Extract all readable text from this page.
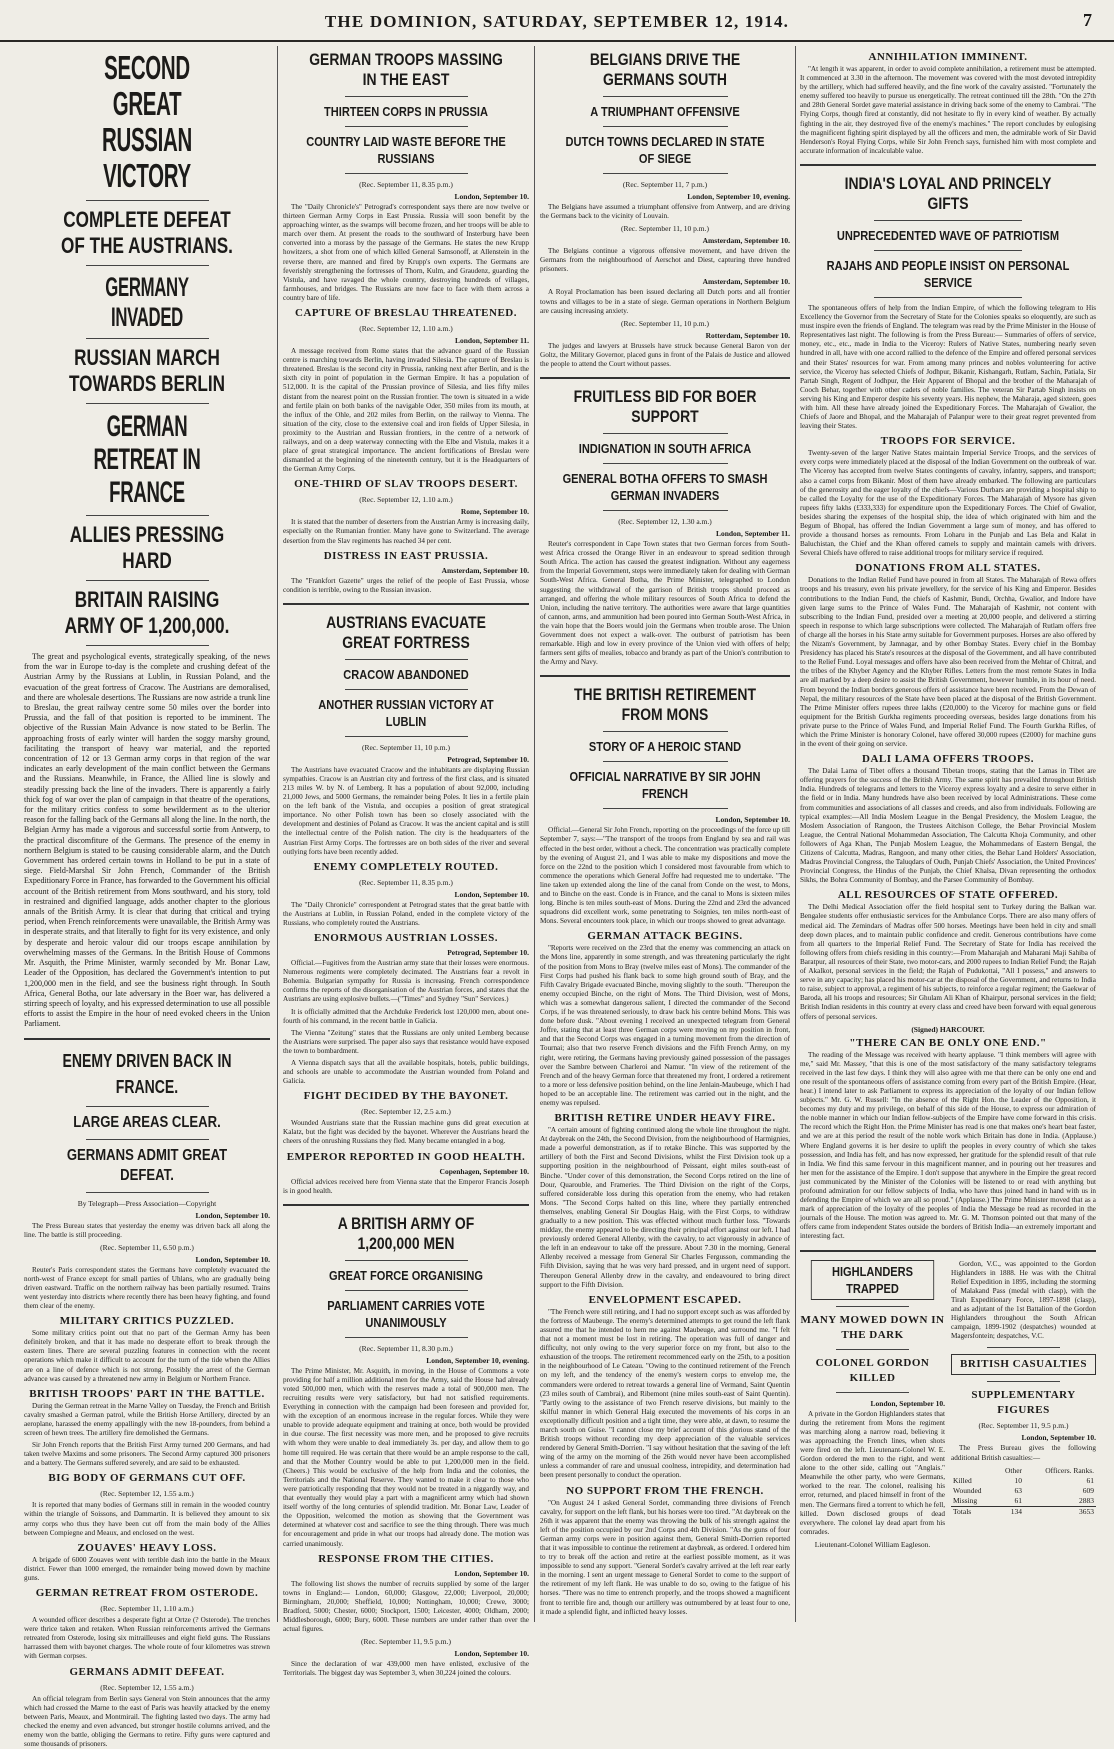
THE DOMINION, SATURDAY, SEPTEMBER 12, 1914.	7
SECOND GREAT RUSSIAN VICTORY
COMPLETE DEFEAT OF THE AUSTRIANS.
GERMANY INVADED
RUSSIAN MARCH TOWARDS BERLIN
GERMAN RETREAT IN FRANCE
ALLIES PRESSING HARD
BRITAIN RAISING ARMY OF 1,200,000.

The great and psychological events, strategically speaking, of the news from the war in Europe to-day is the complete and crushing defeat of the Austrian Army by the Russians at Lublin, in Russian Poland, and the evacuation of the great fortress of Cracow. The Austrians are demoralised, and there are wholesale desertions. The Russians are now astride a trunk line to Breslau, the great railway centre some 50 miles over the border into Prussia, and the fall of that position is reported to be imminent. The objective of the Russian Main Advance is now stated to be Berlin. The approaching frosts of early winter will harden the soggy marshy ground, facilitating the transport of heavy war material, and the reported concentration of 12 or 13 German army corps in that region of the war indicates an early development of the main conflict between the Germans and the Russians. Meanwhile, in France, the Allied line is slowly and steadily pressing back the line of the invaders. There is apparently a fairly thick fog of war over the plan of campaign in that theatre of the operations, for the military critics confess to some bewilderment as to the ulterior reason for the falling back of the Germans all along the line. In the north, the Belgian Army has made a vigorous and successful sortie from Antwerp, to the practical discomfiture of the Germans. The presence of the enemy in northern Belgium is stated to be causing considerable alarm, and the Dutch Government has ordered certain towns in Holland to be put in a state of siege. Field-Marshal Sir John French, Commander of the British Expeditionary Force in France, has forwarded to the Government his official account of the British retirement from Mons southward, and his story, told in restrained and dignified language, adds another chapter to the glorious annals of the British Army. It is clear that during that critical and trying period, when French reinforcements were unavailable, the British Army was in desperate straits, and that literally to fight for its very existence, and only by desperate and heroic valour did our troops escape annihilation by overwhelming masses of the Germans. In the British House of Commons Mr. Asquith, the Prime Minister, warmly seconded by Mr. Bonar Law, Leader of the Opposition, has declared the Government's intention to put 1,200,000 men in the field, and see the business right through. In South Africa, General Botha, our late adversary in the Boer war, has delivered a stirring speech of loyalty, and his expressed determination to use all possible efforts to assist the Empire in the hour of need evoked cheers in the Union Parliament.

ENEMY DRIVEN BACK IN FRANCE.
LARGE AREAS CLEAR.
GERMANS ADMIT GREAT DEFEAT.
By Telegraph—Press Association—Copyright
London, September 10.

The Press Bureau states that yesterday the enemy was driven back all along the line. The battle is still proceeding.

(Rec. September 11, 6.50 p.m.)
London, September 10.

Reuter's Paris correspondent states the Germans have completely evacuated the north-west of France except for small parties of Uhlans, who are gradually being driven eastward. Traffic on the northern railway has been partially resumed. Trains went yesterday into districts where recently there has been heavy fighting, and found them clear of the enemy.

MILITARY CRITICS PUZZLED.

Some military critics point out that no part of the German Army has been definitely broken, and that it has made no desperate effort to break through the eastern lines. There are several puzzling features in connection with the recent operations which make it difficult to account for the turn of the tide when the Allies are on a line of defence which is not strong. Possibly the arrest of the German advance was caused by a threatened new army in Belgium or Northern France.

BRITISH TROOPS' PART IN THE BATTLE.

During the German retreat in the Marne Valley on Tuesday, the French and British cavalry smashed a German patrol, while the British Horse Artillery, directed by an aeroplane, harassed the enemy appallingly with the new 18-pounders, from behind a screen of hewn trees. The artillery fire demolished the Germans.

Sir John French reports that the British First Army turned 200 Germans, and had taken twelve Maxims and some prisoners. The Second Army captured 300 prisoners and a battery. The Germans suffered severely, and are said to be exhausted.

BIG BODY OF GERMANS CUT OFF.
(Rec. September 12, 1.55 a.m.)

It is reported that many bodies of Germans still in remain in the wooded country within the triangle of Soissons, and Dammartin. It is believed they amount to six army corps who thus they have been cut off from the main body of the Allies between Compiegne and Meaux, and enclosed on the west.

ZOUAVES' HEAVY LOSS.

A brigade of 6000 Zouaves went with terrible dash into the battle in the Meaux district. Fewer than 1000 emerged, the remainder being mowed down by machine guns.

GERMAN RETREAT FROM OSTERODE.
(Rec. September 11, 1.10 a.m.)

A wounded officer describes a desperate fight at Ortze (? Osterode). The trenches were thrice taken and retaken. When Russian reinforcements arrived the Germans retreated from Osterode, losing six mitrailleuses and eight field guns. The Russians harrassed them with bayonet charges. The whole route of four kilometres was strewn with German corpses.

GERMANS ADMIT DEFEAT.
(Rec. September 12, 1.55 a.m.)

An official telegram from Berlin says General von Stein announces that the army which had crossed the Marne to the east of Paris was heavily attacked by the enemy between Paris, Meaux, and Montmirail. The fighting lasted two days. The army had checked the enemy and even advanced, but stronger hostile columns arrived, and the enemy won the battle, obliging the Germans to retire. Fifty guns were captured and some thousands of prisoners.

GERMAN TROOPS MASSING IN THE EAST
THIRTEEN CORPS IN PRUSSIA
COUNTRY LAID WASTE BEFORE THE RUSSIANS
(Rec. September 11, 8.35 p.m.)
London, September 10.

The "Daily Chronicle's" Petrograd's correspondent says there are now twelve or thirteen German Army Corps in East Prussia. Russia will soon benefit by the approaching winter, as the swamps will become frozen, and her troops will be able to march over them. At present the roads to the southward of Insterburg have been converted into a morass by the passage of the Germans. He states the new Krupp howitzers, a shot from one of which killed General Samsonoff, at Allenstein in the reverse there, are manned and fired by Krupp's own experts. The Germans are feverishly strengthening the fortresses of Thorn, Kulm, and Graudenz, guarding the Vistula, and have ravaged the whole country, destroying hundreds of villages, farmhouses, and bridges. The Russians are now face to face with them across a country bare of life.

CAPTURE OF BRESLAU THREATENED.
(Rec. September 12, 1.10 a.m.)
London, September 11.

A message received from Rome states that the advance guard of the Russian centre is marching towards Berlin, having invaded Silesia. The capture of Breslau is threatened. Breslau is the second city in Prussia, ranking next after Berlin, and is the sixth city in point of population in the German Empire. It has a population of 512,000. It is the capital of the Prussian province of Silesia, and lies fifty miles distant from the nearest point on the Russian frontier. The town is situated in a wide and fertile plain on both banks of the navigable Oder, 350 miles from its mouth, at the influx of the Ohle, and 202 miles from Berlin, on the railway to Vienna. The situation of the city, close to the extensive coal and iron fields of Upper Silesia, in proximity to the Austrian and Russian frontiers, in the centre of a network of railways, and on a deep waterway connecting with the Elbe and Vistula, makes it a place of great strategical importance. The ancient fortifications of Breslau were dismantled at the beginning of the nineteenth century, but it is the Headquarters of the German Army Corps.

ONE-THIRD OF SLAV TROOPS DESERT.
(Rec. September 12, 1.10 a.m.)
Rome, September 10.

It is stated that the number of deserters from the Austrian Army is increasing daily, especially on the Rumanian frontier. Many have gone to Switzerland. The average desertion from the Slav regiments has reached 34 per cent.

DISTRESS IN EAST PRUSSIA.
Amsterdam, September 10.

The "Frankfort Gazette" urges the relief of the people of East Prussia, whose condition is terrible, owing to the Russian invasion.

AUSTRIANS EVACUATE GREAT FORTRESS
CRACOW ABANDONED
ANOTHER RUSSIAN VICTORY AT LUBLIN
(Rec. September 11, 10 p.m.)
Petrograd, September 10.

The Austrians have evacuated Cracow and the inhabitants are displaying Russian sympathies. Cracow is an Austrian city and fortress of the first class, and is situated 213 miles W. by N. of Lemberg. It has a population of about 92,000, including 21,000 Jews, and 5000 Germans, the remainder being Poles. It lies in a fertile plain on the left bank of the Vistula, and occupies a position of great strategical importance. No other Polish town has been so closely associated with the development and destinies of Poland as Cracow. It was the ancient capital and is still the intellectual centre of the Polish nation. The city is the headquarters of the Austrian First Army Corps. The fortresses are on both sides of the river and several outlying forts have been recently added.

ENEMY COMPLETELY ROUTED.
(Rec. September 11, 8.35 p.m.)
London, September 10.

The "Daily Chronicle" correspondent at Petrograd states that the great battle with the Austrians at Lublin, in Russian Poland, ended in the complete victory of the Russians, who completely routed the Austrians.

ENORMOUS AUSTRIAN LOSSES.
Petrograd, September 10.

Official.—Fugitives from the Austrian army state that their losses were enormous. Numerous regiments were completely decimated. The Austrians fear a revolt in Bohemia. Bulgarian sympathy for Russia is increasing. French correspondence confirms the reports of the disorganisation of the Austrian forces, and states that the Austrians are using explosive bullets.—("Times" and Sydney "Sun" Services.)

It is officially admitted that the Archduke Frederick lost 120,000 men, about one-fourth of his command, in the recent battle in Galicia.

The Vienna "Zeitung" states that the Russians are only united Lemberg because the Austrians were surprised. The paper also says that resistance would have exposed the town to bombardment.

A Vienna dispatch says that all the available hospitals, hotels, public buildings, and schools are unable to accommodate the Austrian wounded from Poland and Galicia.

FIGHT DECIDED BY THE BAYONET.
(Rec. September 12, 2.5 a.m.)

Wounded Austrians state that the Russian machine guns did great execution at Kalatz, but the fight was decided by the bayonet. Wherever the Austrians heard the cheers of the onrushing Russians they fled. Many became entangled in a bog.

EMPEROR REPORTED IN GOOD HEALTH.
Copenhagen, September 10.

Official advices received here from Vienna state that the Emperor Francis Joseph is in good health.

A BRITISH ARMY OF 1,200,000 MEN
GREAT FORCE ORGANISING
PARLIAMENT CARRIES VOTE UNANIMOUSLY
(Rec. September 11, 8.30 p.m.)
London, September 10, evening.

The Prime Minister, Mr. Asquith, in moving, in the House of Commons a vote providing for half a million additional men for the Army, said the House had already voted 500,000 men, which with the reserves made a total of 900,000 men. The recruiting results were very satisfactory, but had not satisfied requirements. Everything in connection with the campaign had been foreseen and provided for, with the exception of an enormous increase in the regular forces. While they were unable to provide adequate equipment and training at once, both would be provided in due course. The first necessity was more men, and he proposed to give recruits with whom they were unable to deal immediately 3s. per day, and allow them to go home till required. He was certain that there would be an ample response to the call, and that the Mother Country would be able to put 1,200,000 men in the field. (Cheers.) This would be exclusive of the help from India and the colonies, the Territorials and the National Reserve. They wanted to make it clear to those who were patriotically responding that they would not be treated in a niggardly way, and that eventually they would play a part with a magnificent army which had shown itself worthy of the long centuries of splendid tradition. Mr. Bonar Law, Leader of the Opposition, welcomed the motion as showing that the Government was determined at whatever cost and sacrifice to see the thing through. There was much for encouragement and pride in what our troops had already done. The motion was carried unanimously.

RESPONSE FROM THE CITIES.
London, September 10.

The following list shows the number of recruits supplied by some of the larger towns in England:— London, 60,000; Glasgow, 22,000; Liverpool, 20,000; Birmingham, 20,000; Sheffield, 10,000; Nottingham, 10,000; Crewe, 3000; Bradford, 5000; Chester, 6000; Stockport, 1500; Leicester, 4000; Oldham, 2000; Middlesborough, 6000; Bury, 6000. These numbers are under rather than over the actual figures.

(Rec. September 11, 9.5 p.m.)
London, September 10.

Since the declaration of war 439,000 men have enlisted, exclusive of the Territorials. The biggest day was September 3, when 30,224 joined the colours.

BELGIANS DRIVE THE GERMANS SOUTH
A TRIUMPHANT OFFENSIVE
DUTCH TOWNS DECLARED IN STATE OF SIEGE
(Rec. September 11, 7 p.m.)
London, September 10, evening.

The Belgians have assumed a triumphant offensive from Antwerp, and are driving the Germans back to the vicinity of Louvain.

(Rec. September 11, 10 p.m.)
Amsterdam, September 10.

The Belgians continue a vigorous offensive movement, and have driven the Germans from the neighbourhood of Aerschot and Diest, capturing three hundred prisoners.

Amsterdam, September 10.

A Royal Proclamation has been issued declaring all Dutch ports and all frontier towns and villages to be in a state of siege. German operations in Northern Belgium are causing increasing anxiety.

(Rec. September 11, 10 p.m.)
Rotterdam, September 10.

The judges and lawyers at Brussels have struck because General Baron von der Goltz, the Military Governor, placed guns in front of the Palais de Justice and allowed the people to attend the Court without passes.

FRUITLESS BID FOR BOER SUPPORT
INDIGNATION IN SOUTH AFRICA
GENERAL BOTHA OFFERS TO SMASH GERMAN INVADERS
(Rec. September 12, 1.30 a.m.)
London, September 11.

Reuter's correspondent in Cape Town states that two German forces from South-west Africa crossed the Orange River in an endeavour to spread sedition through South Africa. The action has caused the greatest indignation. Without any eagerness from the Imperial Government, steps were immediately taken for dealing with German South-West Africa. General Botha, the Prime Minister, telegraphed to London suggesting the withdrawal of the garrison of British troops should proceed as arranged, and offering the whole military resources of South Africa to defend the Union, including the native territory. The authorities were aware that large quantities of cannon, arms, and ammunition had been poured into German South-West Africa, in the vain hope that the Boers would join the Germans when trouble arose. The Union Government does not expect a walk-over. The outburst of patriotism has been remarkable. High and low in every province of the Union vied with offers of help; farmers sent gifts of mealies, tobacco and brandy as part of the Union's contribution to the Army and Navy.

THE BRITISH RETIREMENT FROM MONS
STORY OF A HEROIC STAND
OFFICIAL NARRATIVE BY SIR JOHN FRENCH
London, September 10.

Official.—General Sir John French, reporting on the proceedings of the force up till September 7, says:—"The transport of the troops from England by sea and rail was effected in the best order, without a check. The concentration was practically complete by the evening of August 21, and I was able to make my dispositions and move the force on the 22nd to the position which I considered most favourable from which to commence the operations which General Joffre had requested me to undertake. "The line taken up extended along the line of the canal from Conde on the west, to Mons, and to Binche on the east. Conde is in France, and the canal to Mons is sixteen miles long. Binche is ten miles south-east of Mons. During the 22nd and 23rd the advanced squadrons did excellent work, some penetrating to Soignies, ten miles north-east of Mons. Several encounters took place, in which our troops showed to great advantage.

GERMAN ATTACK BEGINS.

"Reports were received on the 23rd that the enemy was commencing an attack on the Mons line, apparently in some strength, and was threatening particularly the right of the position from Mons to Bray (twelve miles east of Mons). The commander of the First Corps had pushed his flank back to some high ground south of Bray, and the Fifth Cavalry Brigade evacuated Binche, moving slightly to the south. "Thereupon the enemy occupied Binche, on the right of Mons. The Third Division, west of Mons, which was a somewhat dangerous salient, I directed the commander of the Second Corps, if he was threatened seriously, to draw back his centre behind Mons. This was done before dusk. "About evening I received an unexpected telegram from General Joffre, stating that at least three German corps were moving on my position in front, and that the Second Corps was engaged in a turning movement from the direction of Tournai; also that two reserve French divisions and the Fifth French Army, on my right, were retiring, the Germans having previously gained possession of the passages over the Sambre between Charleroi and Namur. "In view of the retirement of the French and of the heavy German force that threatened my front, I ordered a retirement to a more or less defensive position behind, on the line Jenlain-Maubeuge, which I had hoped to be an acceptable line. The retirement was carried out in the night, and the enemy was repulsed.

BRITISH RETIRE UNDER HEAVY FIRE.

"A certain amount of fighting continued along the whole line throughout the night. At daybreak on the 24th, the Second Division, from the neighbourhood of Harmignies, made a powerful demonstration, as if to retake Binche. This was supported by the artillery of both the First and Second Divisions, whilst the First Division took up a supporting position in the neighbourhood of Peissant, eight miles south-east of Binche. "Under cover of this demonstration, the Second Corps retired on the line of Dour, Quarouble, and Frameries. The Third Division on the right of the Corps, suffered considerable loss during this operation from the enemy, who had retaken Mons. "The Second Corps halted on this line, where they partially entrenched themselves, enabling General Sir Douglas Haig, with the First Corps, to withdraw gradually to a new position. This was effected without much further loss. "Towards midday, the enemy appeared to be directing their principal effort against our left. I had previously ordered General Allenby, with the cavalry, to act vigorously in advance of the left in an endeavour to take off the pressure. About 7.30 in the morning, General Allenby received a message from General Sir Charles Fergusson, commanding the Fifth Division, saying that he was very hard pressed, and in urgent need of support. Thereupon General Allenby drew in the cavalry, and endeavoured to bring direct support to the Fifth Division.

ENVELOPMENT ESCAPED.

"The French were still retiring, and I had no support except such as was afforded by the fortress of Maubeuge. The enemy's determined attempts to get round the left flank assured me that he intended to hem me against Maubeuge, and surround me. "I felt that not a moment must be lost in retiring. The operation was full of danger and difficulty, not only owing to the very superior force on my front, but also to the exhaustion of the troops. The retirement recommenced early on the 25th, to a position in the neighbourhood of Le Cateau. "Owing to the continued retirement of the French on my left, and the tendency of the enemy's western corps to envelop me, the commanders were ordered to retreat towards a general line of Vermand, Saint Quentin (23 miles south of Cambrai), and Ribemont (nine miles south-east of Saint Quentin). "Partly owing to the assistance of two French reserve divisions, but mainly to the skilful manner in which General Haig executed the movements of his corps in an exceptionally difficult position and a tight time, they were able, at dawn, to resume the march south on Guise. "I cannot close my brief account of this glorious stand of the British troops without recording my deep appreciation of the valuable services rendered by General Smith-Dorrien. "I say without hesitation that the saving of the left wing of the army on the morning of the 26th would never have been accomplished unless a commander of rare and unusual coolness, intrepidity, and determination had been present personally to conduct the operation.

NO SUPPORT FROM THE FRENCH.

"On August 24 I asked General Sordet, commanding three divisions of French cavalry, for support on the left flank, but his horses were too tired. "At daybreak on the 26th it was apparent that the enemy was throwing the bulk of his strength against the left of the position occupied by our 2nd Corps and 4th Division. "As the guns of four German army corps were in position against them, General Smith-Dorrien reported that it was impossible to continue the retirement at daybreak, as ordered. I ordered him to try to break off the action and retire at the earliest possible moment, as it was impossible to send any support. "General Sordet's cavalry arrived at the left rear early in the morning. I sent an urgent message to General Sordet to come to the support of the retirement of my left flank. He was unable to do so, owing to the fatigue of his horses. "There was no time to entrench properly, and the troops showed a magnificent front to terrible fire and, though our artillery was outnumbered by at least four to one, it made a splendid fight, and inflicted heavy losses.

ANNIHILATION IMMINENT.

"At length it was apparent, in order to avoid complete annihilation, a retirement must be attempted. It commenced at 3.30 in the afternoon. The movement was covered with the most devoted intrepidity by the artillery, which had suffered heavily, and the fine work of the cavalry assisted. "Fortunately the enemy suffered too heavily to pursue us energetically. The retreat continued till the 28th. "On the 27th and 28th General Sordet gave material assistance in driving back some of the enemy to Cambrai. "The Flying Corps, though fired at constantly, did not hesitate to fly in every kind of weather. By actually fighting in the air, they destroyed five of the enemy's machines." The report concludes by eulogising the magnificent fighting spirit displayed by all the officers and men, the admirable work of Sir David Henderson's Royal Flying Corps, while Sir John French says, furnished him with most complete and accurate information of incalculable value.

INDIA'S LOYAL AND PRINCELY GIFTS
UNPRECEDENTED WAVE OF PATRIOTISM
RAJAHS AND PEOPLE INSIST ON PERSONAL SERVICE

The spontaneous offers of help from the Indian Empire, of which the following telegram to His Excellency the Governor from the Secretary of State for the Colonies speaks so eloquently, are such as must inspire even the friends of England. The telegram was read by the Prime Minister in the House of Representatives last night. The following is from the Press Bureau:— Summaries of offers of service, money, etc., etc., made in India to the Viceroy: Rulers of Native States, numbering nearly seven hundred in all, have with one accord rallied to the defence of the Empire and offered personal services and their States' resources for war. From among many princes and nobles volunteering for active service, the Viceroy has selected Chiefs of Jodhpur, Bikanir, Kishangarh, Rutlam, Sachin, Patiala, Sir Partab Singh, Regent of Jodhpur, the Heir Apparent of Bhopal and the brother of the Maharajah of Cooch Behar, together with other cadets of noble families. The veteran Sir Partab Singh insists on serving his King and Emperor despite his seventy years. His nephew, the Maharaja, aged sixteen, goes with him. All these have already joined the Expeditionary Forces. The Maharajah of Gwalior, the Chiefs of Jaore and Bhopal, and the Maharajah of Palanpur were to their great regret prevented from leaving their States.

TROOPS FOR SERVICE.

Twenty-seven of the larger Native States maintain Imperial Service Troops, and the services of every corps were immediately placed at the disposal of the Indian Government on the outbreak of war. The Viceroy has accepted from twelve States contingents of cavalry, infantry, sappers, and transport; also a camel corps from Bikanir. Most of them have already embarked. The following are particulars of the generosity and the eager loyalty of the chiefs—Various Durbars are providing a hospital ship to be called the Loyalty for the use of the Expeditionary Forces. The Maharajah of Mysore has given rupees fifty lakhs (£333,333) for expenditure upon the Expeditionary Forces. The Chief of Gwalior, besides sharing the expenses of the hospital ship, the idea of which originated with him and the Begum of Bhopal, has offered the Indian Government a large sum of money, and has offered to provide a thousand horses as remounts. From Loharu in the Punjab and Las Bela and Kalat in Baluchistan, the Chief and the Khan offered camels to supply and maintain camels with drivers. Several Chiefs have offered to raise additional troops for military service if required.

DONATIONS FROM ALL STATES.

Donations to the Indian Relief Fund have poured in from all States. The Maharajah of Rewa offers troops and his treasury, even his private jewellery, for the service of his King and Emperor. Besides contributions to the Indian Fund, the chiefs of Kashmir, Bundi, Orchha, Gwalior, and Indore have given large sums to the Prince of Wales Fund. The Maharajah of Kashmir, not content with subscribing to the Indian Fund, presided over a meeting at 20,000 people, and delivered a stirring speech in response to which large subscriptions were collected. The Maharajah of Rutlam offers free of charge all the horses in his State army suitable for Government purposes. Horses are also offered by the Nizam's Government, by Jamnagar, and by other Bombay States. Every chief in the Bombay Presidency has placed his State's resources at the disposal of the Government, and all have contributed to the Relief Fund. Loyal messages and offers have also been received from the Mehtar of Chitral, and the tribes of the Khyber Agency and the Khyber Rifles. Letters from the most remote States in India are all marked by a deep desire to assist the British Government, however humble, in its hour of need. From beyond the Indian borders generous offers of assistance have been received. From the Dewan of Nepal, the military resources of the State have been placed at the disposal of the British Government. The Prime Minister offers rupees three lakhs (£20,000) to the Viceroy for machine guns or field equipment for the British Gurkha regiments proceeding overseas, besides large donations from his private purse to the Prince of Wales Fund, and Imperial Relief Fund. The Fourth Gurkha Rifles, of which the Prime Minister is honorary Colonel, have offered 30,000 rupees (£2000) for machine guns in the event of their going on service.

DALI LAMA OFFERS TROOPS.

The Dalai Lama of Tibet offers a thousand Tibetan troops, stating that the Lamas in Tibet are offering prayers for the success of the British Army. The same spirit has prevailed throughout British India. Hundreds of telegrams and letters to the Viceroy express loyalty and a desire to serve either in the field or in India. Many hundreds have also been received by local Administrations. These come from communities and associations of all classes and creeds, and also from individuals. Following are typical examples:—All India Moslem League in the Bengal Presidency, the Moslem League, the Moslem Association of Rangoon, the Trustees Aitchison College, the Behar Provincial Moslem League, the Central National Mohammedan Association, The Calcutta Khoja Community, and other followers of Aga Khan, The Punjab Moslem League, the Mohammedans of Eastern Bengal, the Citizens of Calcutta, Madras, Rangoon, and many other cities, the Behar Land Holders' Association, Madras Provincial Congress, the Taluqdars of Oudh, Punjab Chiefs' Association, the United Provinces' Provincial Congress, the Hindus of the Punjab, the Chief Khalsa, Divan representing the orthodox Sikhs, the Bohra Community of Bombay, and the Parsee Community of Bombay.

ALL RESOURCES OF STATE OFFERED.

The Delhi Medical Association offer the field hospital sent to Turkey during the Balkan war. Bengalee students offer enthusiastic services for the Ambulance Corps. There are also many offers of medical aid. The Zemindars of Madras offer 500 horses. Meetings have been held in city and small deep down places, and to maintain public confidence and credit. Generous contributions have come from all quarters to the Imperial Relief Fund. The Secretary of State for India has received the following offers from chiefs residing in this country:—From Maharajah and Maharani Maji Sahiba of Baratpur, all resources of their State, two motor-cars, and 2000 rupees to Indian Relief Fund; the Rajah of Akalkot, personal services in the field; the Rajah of Pudukottai, "All I possess," and answers to serve in any capacity; has placed his motor-car at the disposal of the Government, and returns to India to raise, subject to approval, a regiment of his subjects, to reinforce a regular regiment; the Gaekwar of Baroda, all his troops and resources; Sir Ghulam Ali Khan of Khairpur, personal services in the field; British Indian residents in this country at every class and creed have been forward with equal generous offers of personal services.

(Signed) HARCOURT.
"THERE CAN BE ONLY ONE END."

The reading of the Message was received with hearty applause. "I think members will agree with me," said Mr. Massey, "that this is one of the most satisfactory of the many satisfactory telegrams received in the last few days. I think they will also agree with me that there can be only one end and one result of the spontaneous offers of assistance coming from every part of the British Empire. (Hear, hear.) I intend later to ask Parliament to express its appreciation of the loyalty of our Indian fellow subjects." Mr. G. W. Russell: "In the absence of the Right Hon. the Leader of the Opposition, it becomes my duty and my privilege, on behalf of this side of the House, to express our admiration of the noble manner in which our Indian fellow-subjects of the Empire have come forward in this crisis. The record which the Right Hon. the Prime Minister has read is one that makes one's heart beat faster, and we are at this period the result of the noble work which Britain has done in India. (Applause.) Where England governs it is her desire to uplift the peoples in every country of which she takes possession, and India has felt, and has now expressed, her gratitude for the splendid result of that rule in India. We find this same fervour in this magnificent manner, and in pouring out her treasures and her men for the assistance of the Empire. I don't suppose that anywhere in the Empire the great record just communicated by the Minister of the Colonies will be listened to or read with anything but profound admiration for our fellow subjects of India, who have thus joined hand in hand with us in defending the Empire of which we are all so proud." (Applause.) The Prime Minister moved that as a mark of appreciation of the loyalty of the peoples of India the Message be read as recorded in the journals of the House. The motion was agreed to. Mr. G. M. Thomson pointed out that many of the offers came from independent States outside the borders of British India—an extremely important and interesting fact.

HIGHLANDERS TRAPPED
MANY MOWED DOWN IN THE DARK
COLONEL GORDON KILLED
London, September 10.

A private in the Gordon Highlanders states that during the retirement from Mons the regiment was marching along a narrow road, believing it was approaching the French lines, when shots were fired on the left. Lieutenant-Colonel W. E. Gordon ordered the men to the right, and went alone to the other side, calling out "Anglais." Meanwhile the other party, who were Germans, worked to the rear. The colonel, realising his error, returned, and placed himself in front of the men. The Germans fired a torrent to which he fell, killed. Down disclosed groups of dead everywhere. The colonel lay dead apart from his comrades.

Lieutenant-Colonel William Eagleson.

Gordon, V.C., was appointed to the Gordon Highlanders in 1888. He was with the Chitral Relief Expedition in 1895, including the storming of Malakand Pass (medal with clasp), with the Tirah Expeditionary Force, 1897-1898 (clasp), and as adjutant of the 1st Battalion of the Gordon Highlanders throughout the South African campaign, 1899-1902 (despatches) wounded at Magersfontein; despatches, V.C.

BRITISH CASUALTIES
SUPPLEMENTARY FIGURES
(Rec. September 11, 9.5 p.m.)
London, September 10.

The Press Bureau gives the following additional British casualties:—

	Other	Officers. Ranks.
Killed	10	61
Wounded	63	609
Missing	61	2883
Totals	134	3653
